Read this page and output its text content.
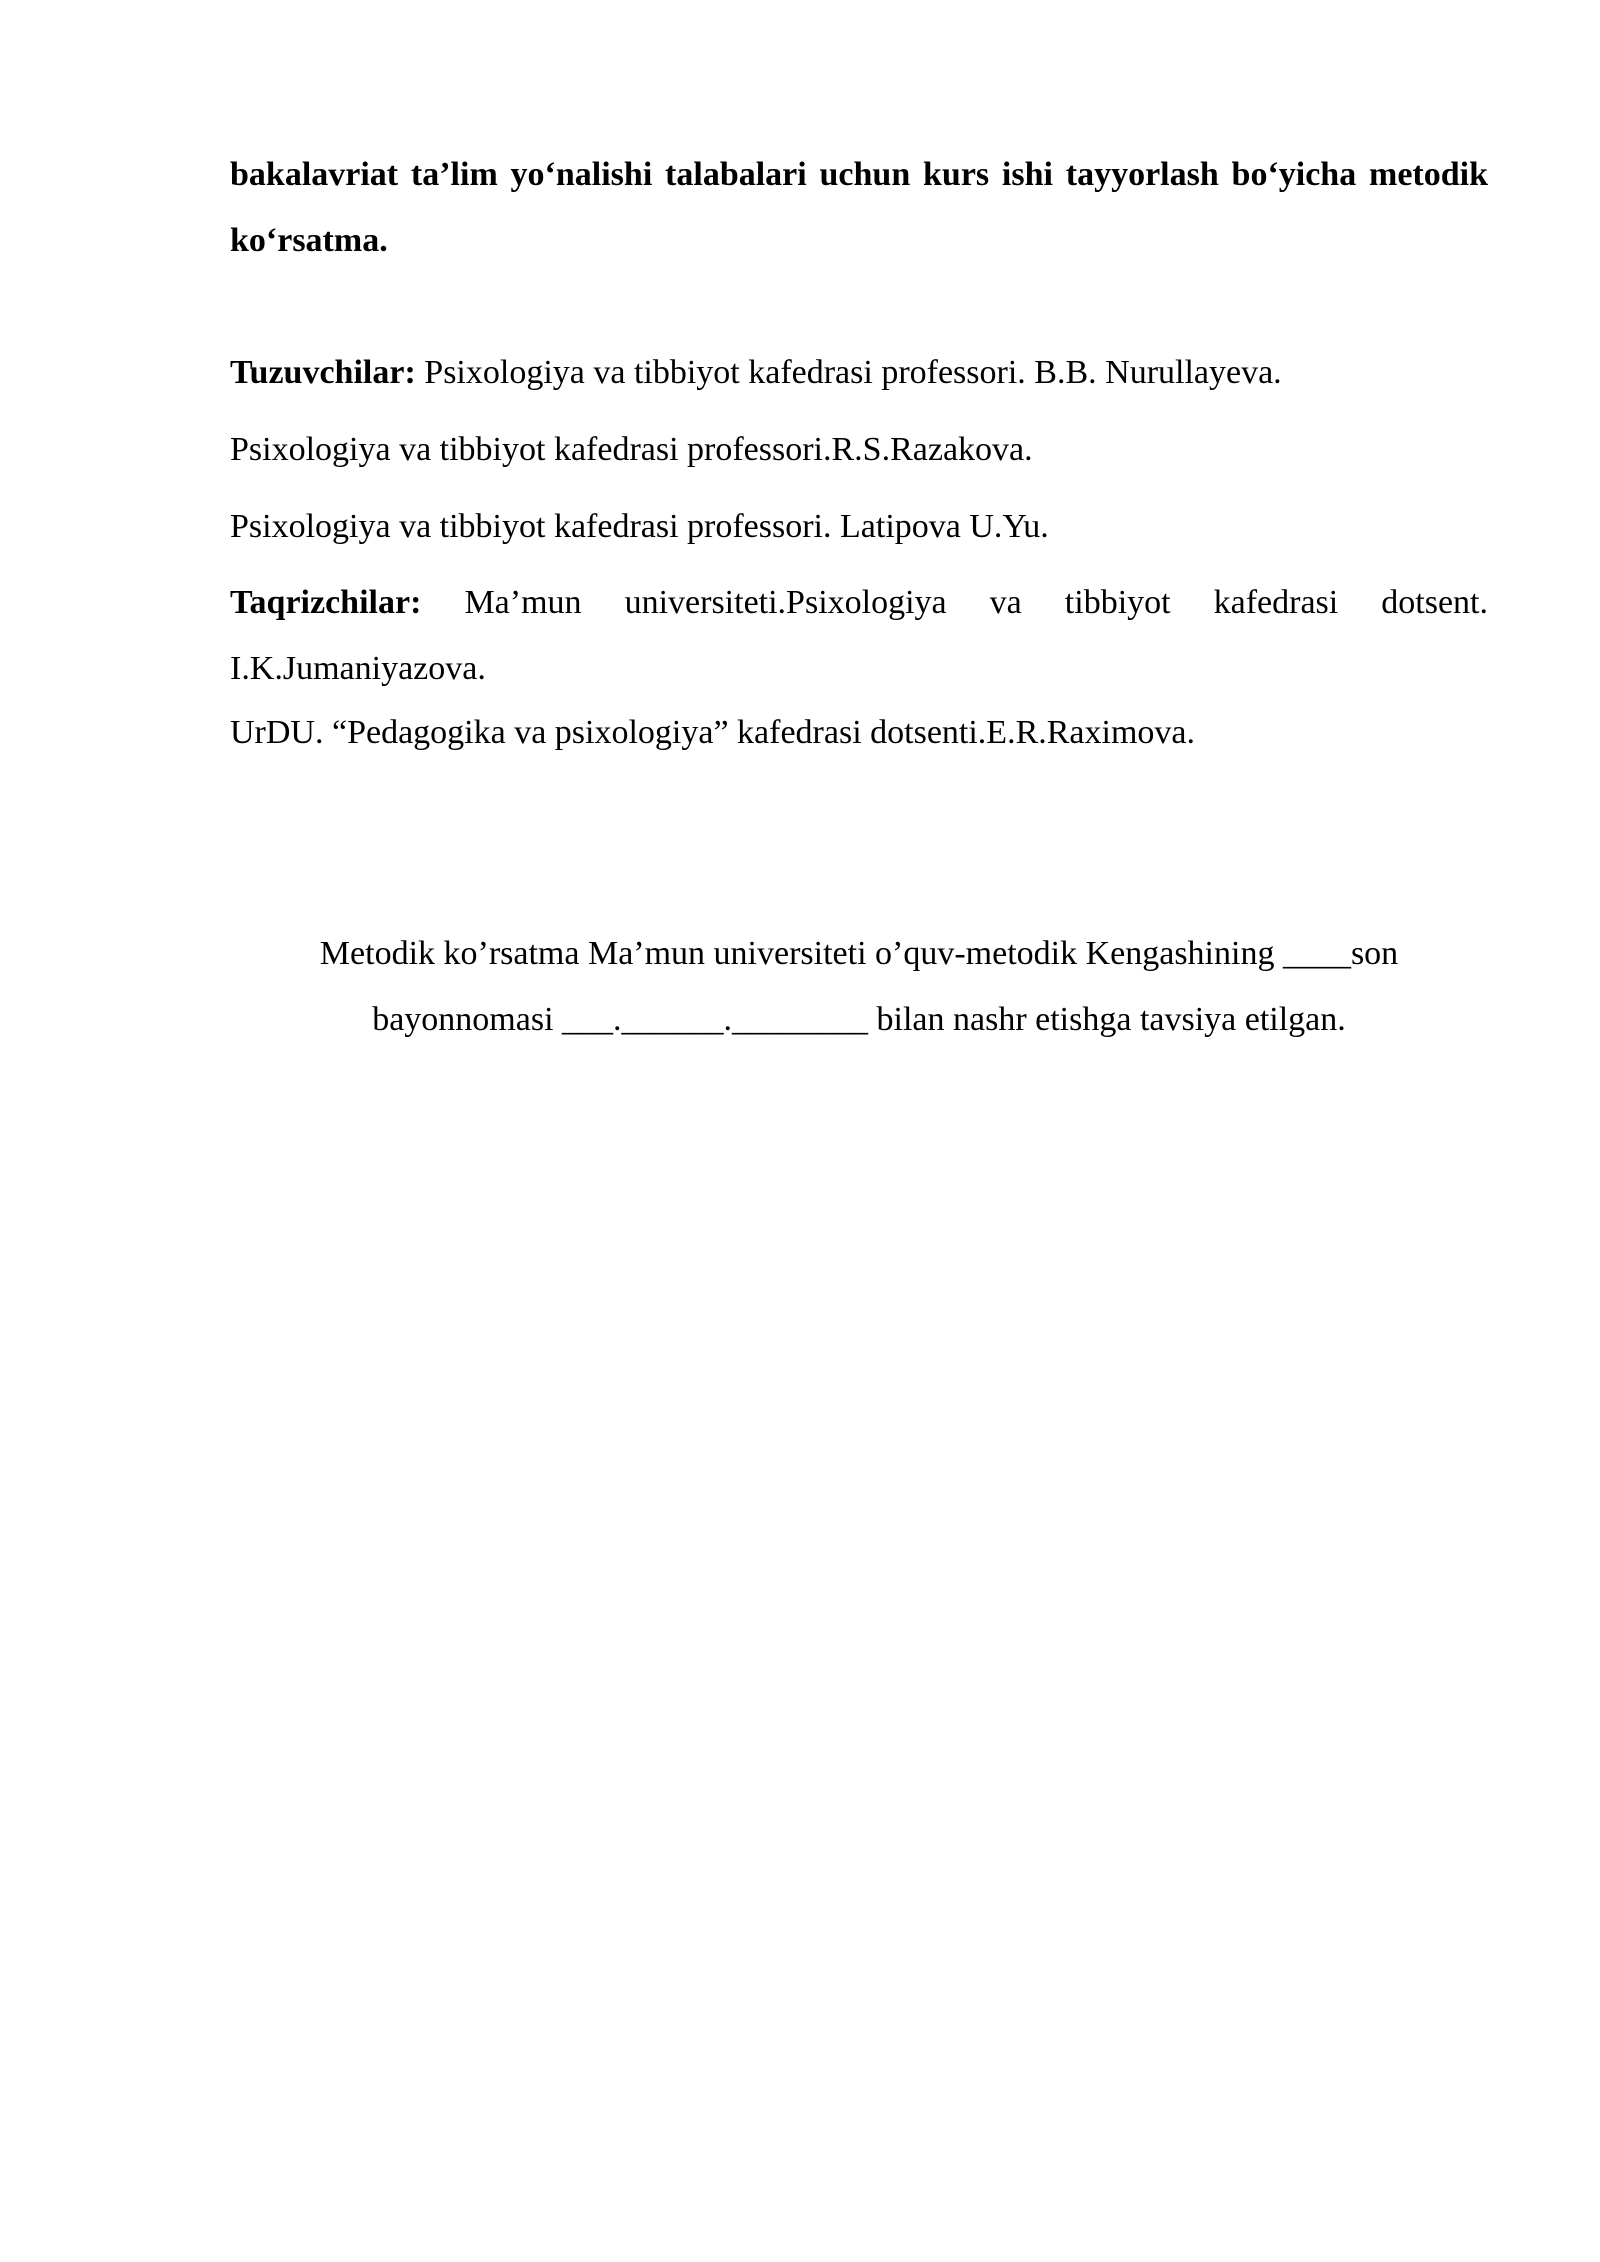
bakalavriat ta’lim yo‘nalishi talabalari uchun kurs ishi tayyorlash bo‘yicha metodik ko‘rsatma.

Tuzuvchilar: Psixologiya va tibbiyot kafedrasi professori. B.B. Nurullayeva.

Psixologiya va tibbiyot kafedrasi professori.R.S.Razakova.

Psixologiya va tibbiyot kafedrasi professori. Latipova U.Yu.

Taqrizchilar: Ma’mun universiteti.Psixologiya va tibbiyot kafedrasi dotsent. I.K.Jumaniyazova.

UrDU. “Pedagogika va psixologiya” kafedrasi dotsenti.E.R.Raximova.

Metodik ko’rsatma Ma’mun universiteti o’quv-metodik Kengashining ____son

bayonnomasi ___.______.________ bilan nashr etishga tavsiya etilgan.
